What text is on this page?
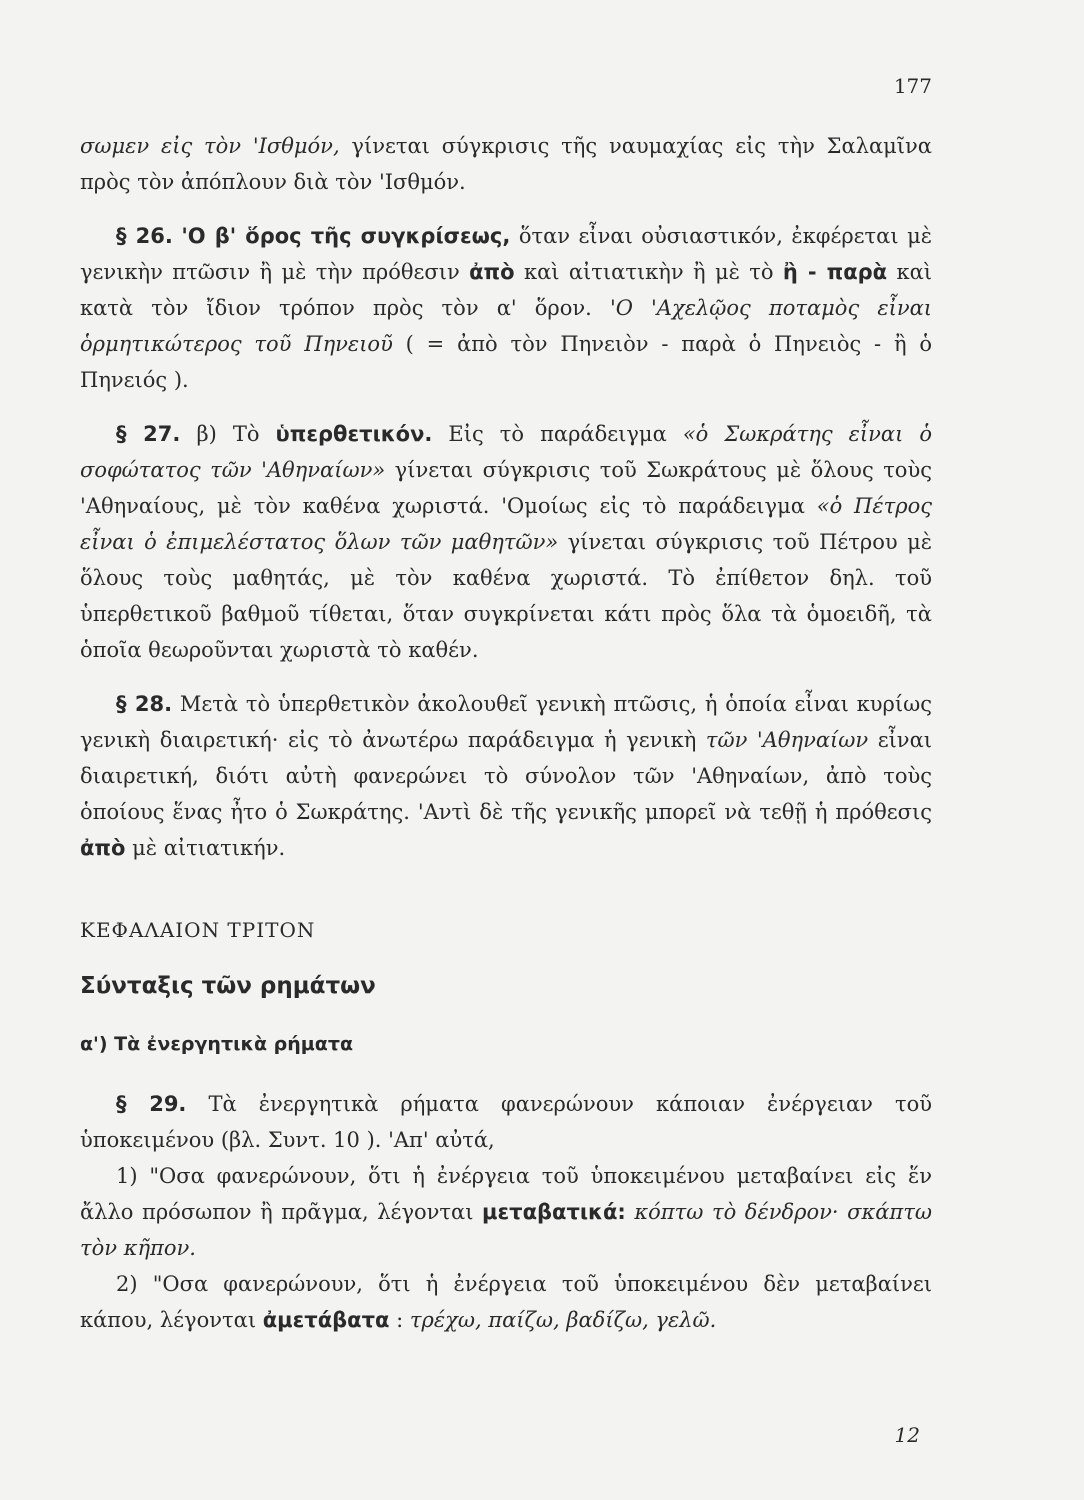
177

σωμεν εἰς τὸν 'Ισθμόν, γίνεται σύγκρισις τῆς ναυμαχίας εἰς τὴν Σαλαμῖνα πρὸς τὸν ἀπόπλουν διὰ τὸν 'Ισθμόν.

§ 26. 'Ο β' ὅρος τῆς συγκρίσεως, ὅταν εἶναι οὐσιαστικόν, ἐκφέρεται μὲ γενικὴν πτῶσιν ἢ μὲ τὴν πρόθεσιν ἀπὸ καὶ αἰτιατικὴν ἢ μὲ τὸ ἢ - παρὰ καὶ κατὰ τὸν ἴδιον τρόπον πρὸς τὸν α' ὅρον. 'Ο 'Αχελῷος ποταμὸς εἶναι ὁρμητικώτερος τοῦ Πηνειοῦ ( = ἀπὸ τὸν Πηνειὸν - παρὰ ὁ Πηνειὸς - ἢ ὁ Πηνειός ).

§ 27. β) Τὸ ὑπερθετικόν. Εἰς τὸ παράδειγμα «ὁ Σωκράτης εἶναι ὁ σοφώτατος τῶν 'Αθηναίων» γίνεται σύγκρισις τοῦ Σωκράτους μὲ ὅλους τοὺς 'Αθηναίους, μὲ τὸν καθένα χωριστά. 'Ομοίως εἰς τὸ παράδειγμα «ὁ Πέτρος εἶναι ὁ ἐπιμελέστατος ὅλων τῶν μαθητῶν» γίνεται σύγκρισις τοῦ Πέτρου μὲ ὅλους τοὺς μαθητάς, μὲ τὸν καθένα χωριστά. Τὸ ἐπίθετον δηλ. τοῦ ὑπερθετικοῦ βαθμοῦ τίθεται, ὅταν συγκρίνεται κάτι πρὸς ὅλα τὰ ὁμοειδῆ, τὰ ὁποῖα θεωροῦνται χωριστὰ τὸ καθέν.

§ 28. Μετὰ τὸ ὑπερθετικὸν ἀκολουθεῖ γενικὴ πτῶσις, ἡ ὁποία εἶναι κυρίως γενικὴ διαιρετική· εἰς τὸ ἀνωτέρω παράδειγμα ἡ γενικὴ τῶν 'Αθηναίων εἶναι διαιρετική, διότι αὐτὴ φανερώνει τὸ σύνολον τῶν 'Αθηναίων, ἀπὸ τοὺς ὁποίους ἕνας ἦτο ὁ Σωκράτης. 'Αντὶ δὲ τῆς γενικῆς μπορεῖ νὰ τεθῇ ἡ πρόθεσις ἀπὸ μὲ αἰτιατικήν.

ΚΕΦΑΛΑΙΟΝ ΤΡΙΤΟΝ

Σύνταξις τῶν ρημάτων

α') Τὰ ἐνεργητικὰ ρήματα

§ 29. Τὰ ἐνεργητικὰ ρήματα φανερώνουν κάποιαν ἐνέργειαν τοῦ ὑποκειμένου (βλ. Συντ. 10 ). 'Απ' αὐτά,

1) "Οσα φανερώνουν, ὅτι ἡ ἐνέργεια τοῦ ὑποκειμένου μεταβαίνει εἰς ἕν ἄλλο πρόσωπον ἢ πρᾶγμα, λέγονται μεταβατικά: κόπτω τὸ δένδρον· σκάπτω τὸν κῆπον.

2) "Οσα φανερώνουν, ὅτι ἡ ἐνέργεια τοῦ ὑποκειμένου δὲν μεταβαίνει κάπου, λέγονται ἀμετάβατα : τρέχω, παίζω, βαδίζω, γελῶ.

12
